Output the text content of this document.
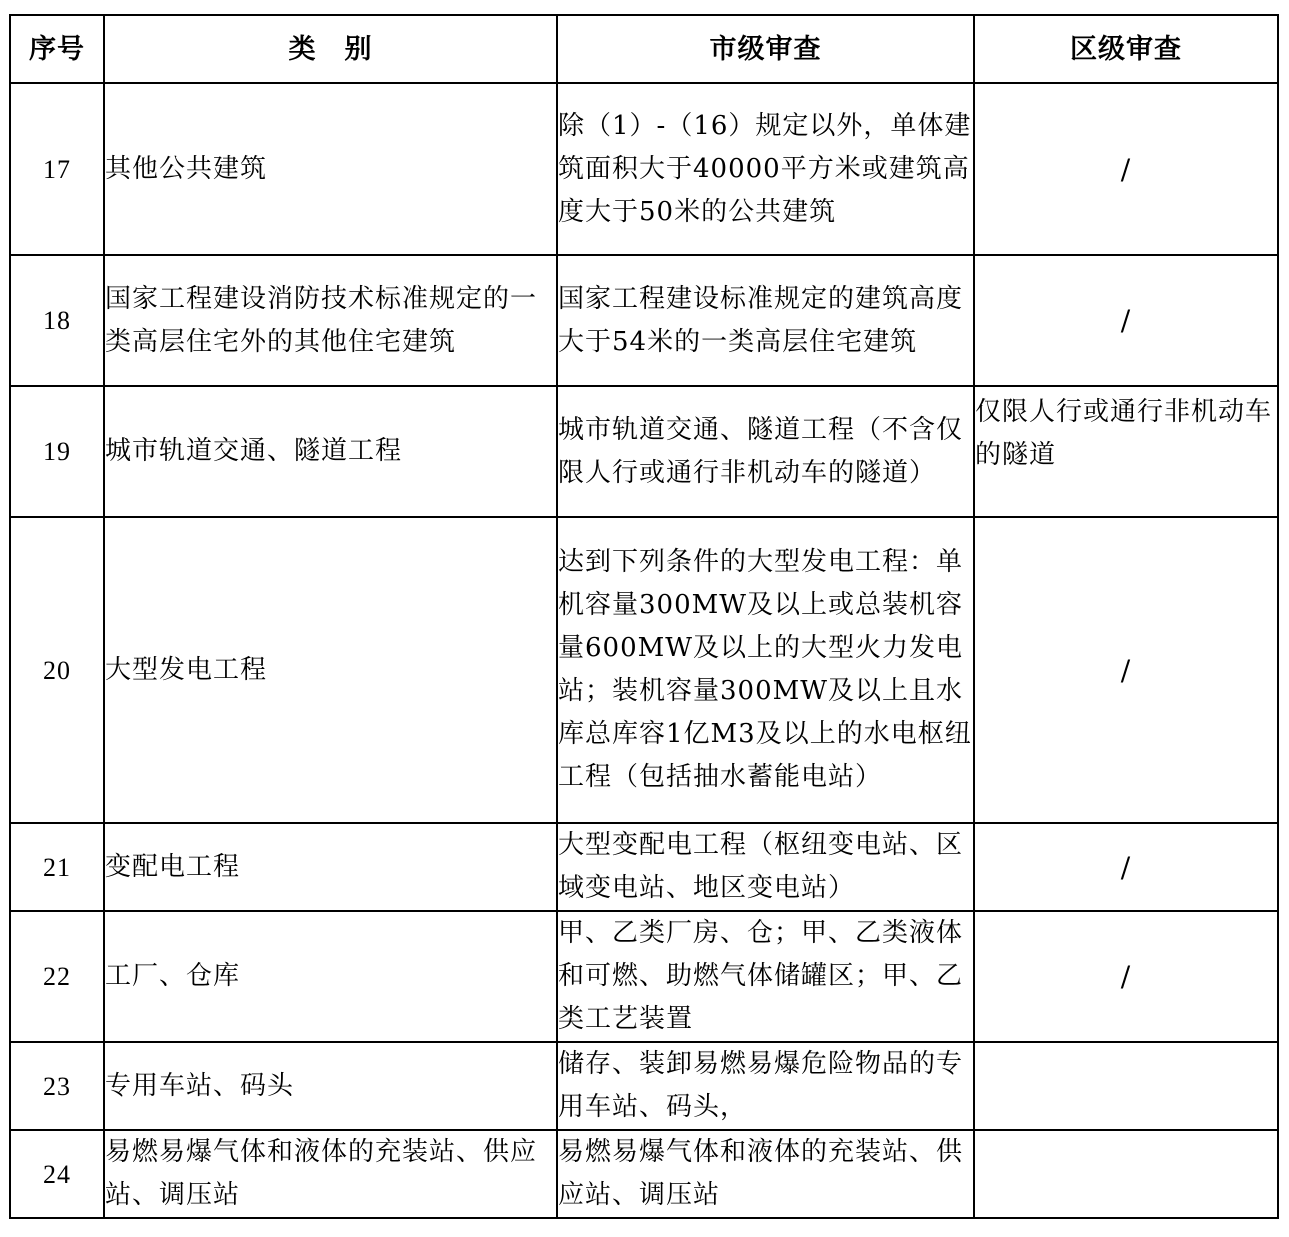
序号	类　别	市级审查	区级审查
17	其他公共建筑	除（1）-（16）规定以外，单体建筑面积大于40000平方米或建筑高度大于50米的公共建筑	/
18	国家工程建设消防技术标准规定的一类高层住宅外的其他住宅建筑	国家工程建设标准规定的建筑高度大于54米的一类高层住宅建筑	/
19	城市轨道交通、隧道工程	城市轨道交通、隧道工程（不含仅限人行或通行非机动车的隧道）	仅限人行或通行非机动车的隧道
20	大型发电工程	达到下列条件的大型发电工程：单机容量300MW及以上或总装机容量600MW及以上的大型火力发电站；装机容量300MW及以上且水库总库容1亿M3及以上的水电枢纽工程（包括抽水蓄能电站）	/
21	变配电工程	大型变配电工程（枢纽变电站、区域变电站、地区变电站）	/
22	工厂、仓库	甲、乙类厂房、仓；甲、乙类液体和可燃、助燃气体储罐区；甲、乙类工艺装置	/
23	专用车站、码头	储存、装卸易燃易爆危险物品的专用车站、码头，	
24	易燃易爆气体和液体的充装站、供应站、调压站	易燃易爆气体和液体的充装站、供应站、调压站	
